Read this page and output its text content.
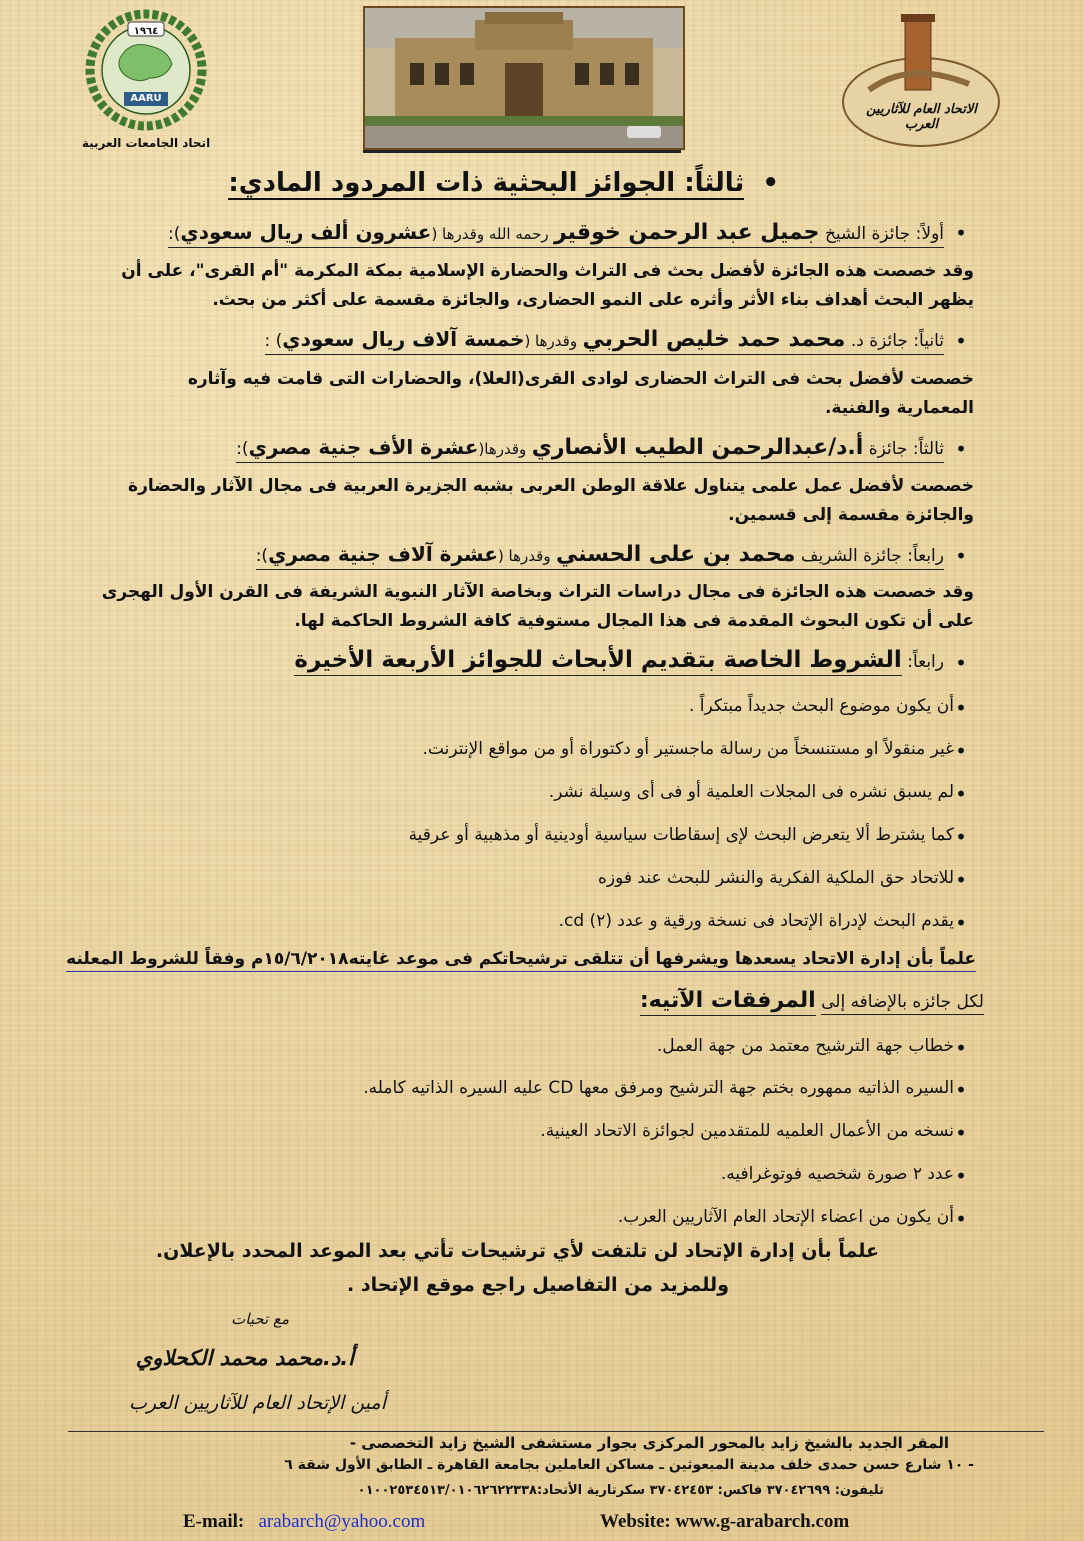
١٩٦٤
AARU
اتحاد الجامعات العربية
الاتحاد العام للآثاريين العرب
•  ثالثاً: الجوائز البحثية ذات المردود المادي:
•
أولاً: جائزة الشيخ جميل عبد الرحمن خوقير رحمه الله وقدرها (عشرون ألف ريال سعودي):
وقد خصصت هذه الجائزة لأفضل بحث فى التراث والحضارة الإسلامية بمكة المكرمة "أم القرى"، على أن
يظهر البحث أهداف بناء الأثر وأثره على النمو الحضارى، والجائزة مقسمة على أكثر من بحث.
•
ثانياً: جائزة د. محمد حمد خليص الحربي وقدرها (خمسة آلاف ريال سعودي) :
خصصت لأفضل بحث فى التراث الحضارى لوادى القرى(العلا)، والحضارات التى قامت فيه وآثاره
المعمارية والفنية.
•
ثالثاً: جائزة أ.د/عبدالرحمن الطيب الأنصاري وقدرها(عشرة الأف جنية مصري):
خصصت لأفضل عمل علمى يتناول علاقة الوطن العربى بشبه الجزيرة العربية فى مجال الآثار والحضارة
والجائزة مقسمة إلى قسمين.
•
رابعاً: جائزة الشريف محمد بن على الحسني وقدرها (عشرة آلاف جنية مصري):
وقد خصصت هذه الجائزة فى مجال دراسات التراث وبخاصة الآثار النبوية الشريفة فى القرن الأول الهجرى
على أن تكون البحوث المقدمة فى هذا المجال مستوفية كافة الشروط الحاكمة لها.
•
رابعاً: الشروط الخاصة بتقديم الأبحاث للجوائز الأربعة الأخيرة
•
أن يكون موضوع البحث جديداً مبتكراً .
•
غير منقولاً او مستنسخاً من رسالة ماجستير أو دكتوراة أو من مواقع الإنترنت.
•
لم يسبق نشره فى المجلات العلمية أو فى أى وسيلة نشر.
•
كما يشترط ألا يتعرض البحث لإى إسقاطات سياسية أودينية أو مذهبية أو عرقية
•
للاتحاد حق الملكية الفكرية والنشر للبحث عند فوزه
•
يقدم البحث لإدراة الإتحاد فى نسخة ورقية و عدد (٢) cd.
علماً بأن إدارة الاتحاد يسعدها ويشرفها أن تتلقى ترشيحاتكم فى موعد غايته١٥/٦/٢٠١٨م وفقاً للشروط المعلنه
لكل جائزه بالإضافه إلى المرفقات الآتيه:
•
خطاب جهة الترشيح معتمد من جهة العمل.
•
السيره الذاتيه ممهوره بختم جهة الترشيح ومرفق معها CD عليه السيره الذاتيه كامله.
•
نسخه من الأعمال العلميه للمتقدمين لجوائزة الاتحاد العينية.
•
عدد ٢ صورة شخصيه فوتوغرافيه.
•
أن يكون من اعضاء الإتحاد العام الآثاريين العرب.
علماً بأن إدارة الإتحاد لن تلتفت لأي ترشيحات تأتي بعد الموعد المحدد بالإعلان.
وللمزيد من التفاصيل راجع موقع الإتحاد .
مع تحيات
أ.د.محمد محمد الكحلاوي
أمين الإتحاد العام للآثاريين العرب
المقر الجديد بالشيخ زايد بالمحور المركزى بجوار مستشفى الشيخ زايد التخصصى -
- ١٠ شارع حسن حمدى خلف مدينة المبعوثين ـ مساكن العاملين بجامعة القاهرة ـ الطابق الأول شقة ٦
تليفون: ٣٧٠٤٢٦٩٩ فاكس: ٣٧٠٤٢٤٥٣ سكرتارية الأتحاد:٠١٠٠٢٥٣٤٥١٣/٠١٠٦٢٦٢٢٣٣٨
E-mail: arabarch@yahoo.com	Website: www.g-arabarch.com
